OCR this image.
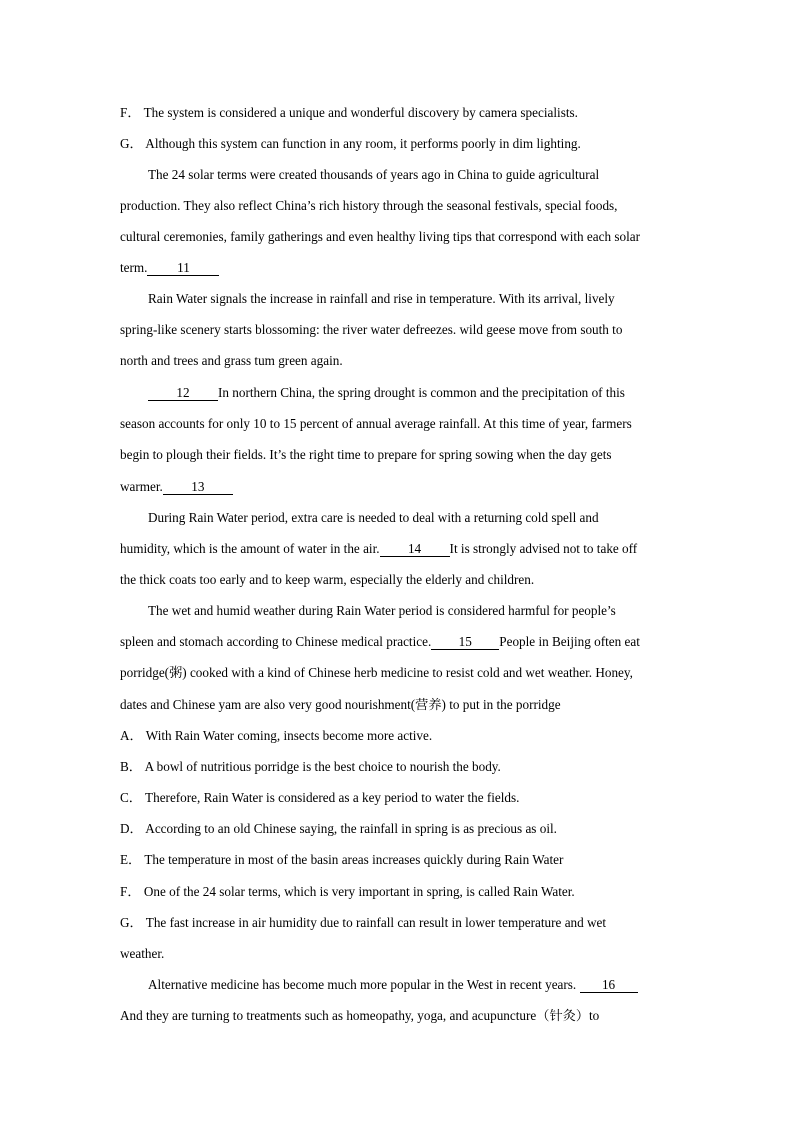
F． The system is considered a unique and wonderful discovery by camera specialists.
G． Although this system can function in any room, it performs poorly in dim lighting.
The 24 solar terms were created thousands of years ago in China to guide agricultural
production. They also reflect China’s rich history through the seasonal festivals, special foods,
cultural ceremonies, family gatherings and even healthy living tips that correspond with each solar
term. 11
Rain Water signals the increase in rainfall and rise in temperature. With its arrival, lively
spring-like scenery starts blossoming: the river water defreezes. wild geese move from south to
north and trees and grass tum green again.
12 In northern China, the spring drought is common and the precipitation of this
season accounts for only 10 to 15 percent of annual average rainfall. At this time of year, farmers
begin to plough their fields. It’s the right time to prepare for spring sowing when the day gets
warmer. 13
During Rain Water period, extra care is needed to deal with a returning cold spell and
humidity, which is the amount of water in the air. 14 It is strongly advised not to take off
the thick coats too early and to keep warm, especially the elderly and children.
The wet and humid weather during Rain Water period is considered harmful for people’s
spleen and stomach according to Chinese medical practice. 15 People in Beijing often eat
porridge(粥) cooked with a kind of Chinese herb medicine to resist cold and wet weather. Honey,
dates and Chinese yam are also very good nourishment(营养) to put in the porridge
A． With Rain Water coming, insects become more active.
B． A bowl of nutritious porridge is the best choice to nourish the body.
C． Therefore, Rain Water is considered as a key period to water the fields.
D． According to an old Chinese saying, the rainfall in spring is as precious as oil.
E． The temperature in most of the basin areas increases quickly during Rain Water
F． One of the 24 solar terms, which is very important in spring, is called Rain Water.
G． The fast increase in air humidity due to rainfall can result in lower temperature and wet
weather.
Alternative medicine has become much more popular in the West in recent years. 16
And they are turning to treatments such as homeopathy, yoga, and acupuncture（针灸）to
